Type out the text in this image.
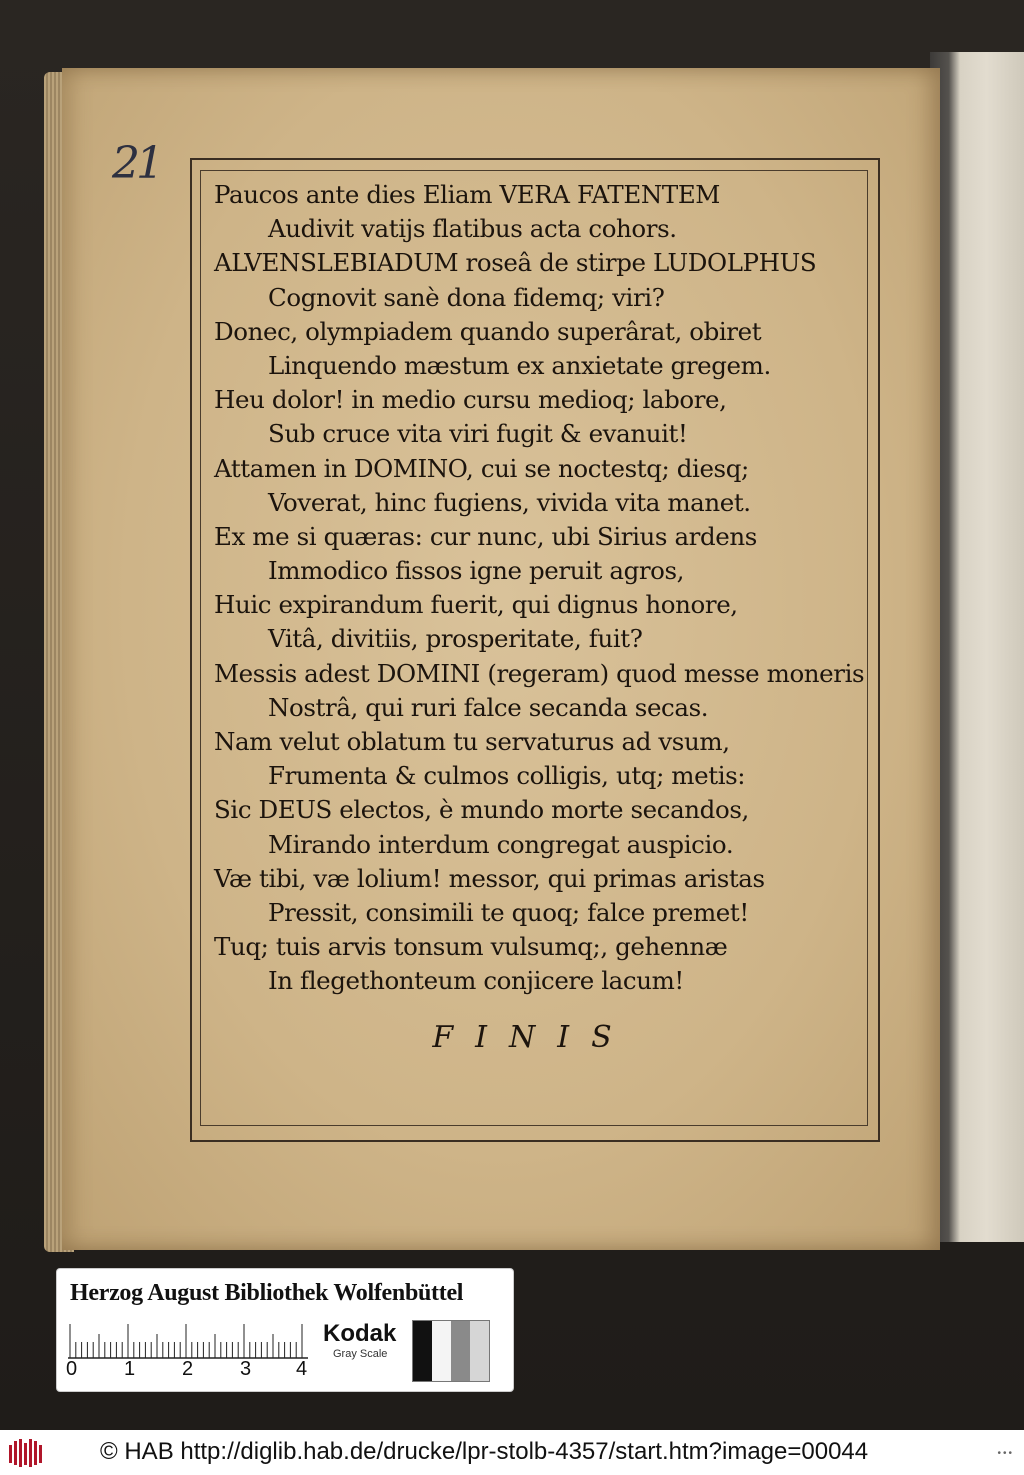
21
Paucos ante dies Eliam VERA FATENTEM
Audivit vatijs flatibus acta cohors.
ALVENSLEBIADUM roseâ de stirpe LUDOLPHUS
Cognovit sanè dona fidemq; viri?
Donec, olympiadem quando superârat, obiret
Linquendo mæstum ex anxietate gregem.
Heu dolor! in medio cursu medioq; labore,
Sub cruce vita viri fugit & evanuit!
Attamen in DOMINO, cui se noctestq; diesq;
Voverat, hinc fugiens, vivida vita manet.
Ex me si quæras: cur nunc, ubi Sirius ardens
Immodico fissos igne peruit agros,
Huic expirandum fuerit, qui dignus honore,
Vitâ, divitiis, prosperitate, fuit?
Messis adest DOMINI (regeram) quod messe moneris
Nostrâ, qui ruri falce secanda secas.
Nam velut oblatum tu servaturus ad vsum,
Frumenta & culmos colligis, utq; metis:
Sic DEUS electos, è mundo morte secandos,
Mirando interdum congregat auspicio.
Væ tibi, væ lolium! messor, qui primas aristas
Pressit, consimili te quoq; falce premet!
Tuq; tuis arvis tonsum vulsumq;, gehennæ
In flegethonteum conjicere lacum!
FINIS
Herzog August Bibliothek Wolfenbüttel
0 1 2 3 4
Kodak
Gray Scale
© HAB http://diglib.hab.de/drucke/lpr-stolb-4357/start.htm?image=00044	•••
